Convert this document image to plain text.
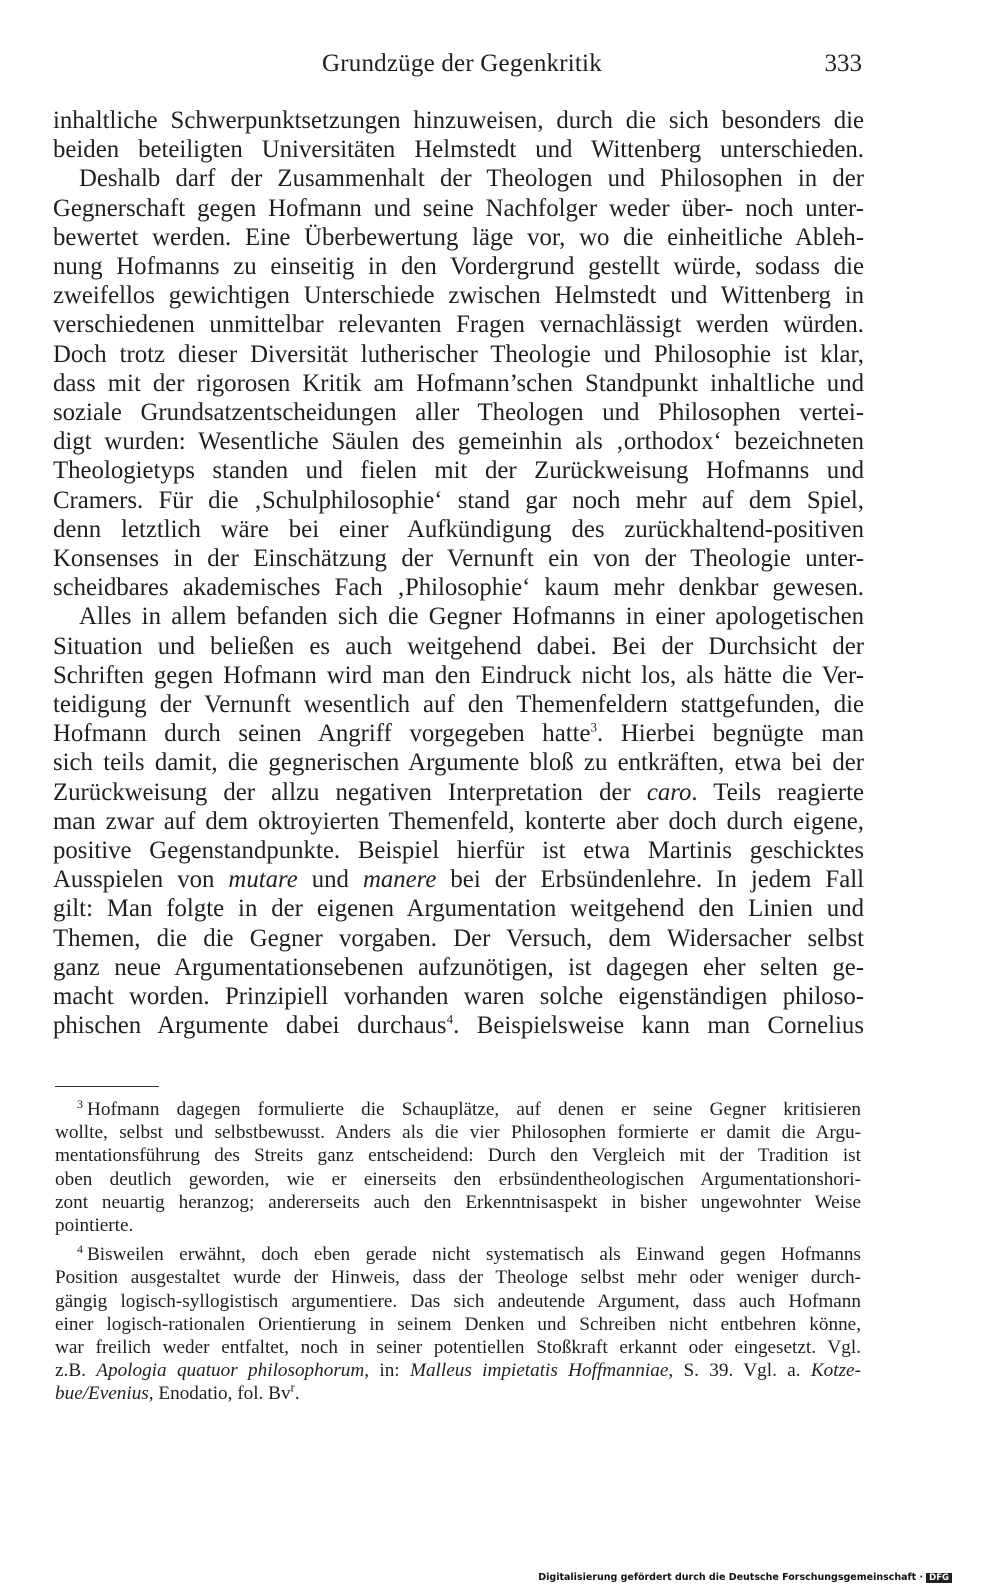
Grundzüge der Gegenkritik	333

inhaltliche Schwerpunktsetzungen hinzuweisen, durch die sich besonders die
beiden beteiligten Universitäten Helmstedt und Wittenberg unterschieden.

Deshalb darf der Zusammenhalt der Theologen und Philosophen in der
Gegnerschaft gegen Hofmann und seine Nachfolger weder über- noch unter-
bewertet werden. Eine Überbewertung läge vor, wo die einheitliche Ableh-
nung Hofmanns zu einseitig in den Vordergrund gestellt würde, sodass die
zweifellos gewichtigen Unterschiede zwischen Helmstedt und Wittenberg in
verschiedenen unmittelbar relevanten Fragen vernachlässigt werden würden.
Doch trotz dieser Diversität lutherischer Theologie und Philosophie ist klar,
dass mit der rigorosen Kritik am Hofmann’schen Standpunkt inhaltliche und
soziale Grundsatzentscheidungen aller Theologen und Philosophen vertei-
digt wurden: Wesentliche Säulen des gemeinhin als ‚orthodox‘ bezeichneten
Theologietyps standen und fielen mit der Zurückweisung Hofmanns und
Cramers. Für die ‚Schulphilosophie‘ stand gar noch mehr auf dem Spiel,
denn letztlich wäre bei einer Aufkündigung des zurückhaltend-positiven
Konsenses in der Einschätzung der Vernunft ein von der Theologie unter-
scheidbares akademisches Fach ‚Philosophie‘ kaum mehr denkbar gewesen.

Alles in allem befanden sich die Gegner Hofmanns in einer apologetischen
Situation und beließen es auch weitgehend dabei. Bei der Durchsicht der
Schriften gegen Hofmann wird man den Eindruck nicht los, als hätte die Ver-
teidigung der Vernunft wesentlich auf den Themenfeldern stattgefunden, die
Hofmann durch seinen Angriff vorgegeben hatte$^3$. Hierbei begnügte man
sich teils damit, die gegnerischen Argumente bloß zu entkräften, etwa bei der
Zurückweisung der allzu negativen Interpretation der caro. Teils reagierte
man zwar auf dem oktroyierten Themenfeld, konterte aber doch durch eigene,
positive Gegenstandpunkte. Beispiel hierfür ist etwa Martinis geschicktes
Ausspielen von mutare und manere bei der Erbsündenlehre. In jedem Fall
gilt: Man folgte in der eigenen Argumentation weitgehend den Linien und
Themen, die die Gegner vorgaben. Der Versuch, dem Widersacher selbst
ganz neue Argumentationsebenen aufzunötigen, ist dagegen eher selten ge-
macht worden. Prinzipiell vorhanden waren solche eigenständigen philoso-
phischen Argumente dabei durchaus$^4$. Beispielsweise kann man Cornelius

$^3$ Hofmann dagegen formulierte die Schauplätze, auf denen er seine Gegner kritisieren
wollte, selbst und selbstbewusst. Anders als die vier Philosophen formierte er damit die Argu-
mentationsführung des Streits ganz entscheidend: Durch den Vergleich mit der Tradition ist
oben deutlich geworden, wie er einerseits den erbsündentheologischen Argumentationshori-
zont neuartig heranzog; andererseits auch den Erkenntnisaspekt in bisher ungewohnter Weise
pointierte.
$^4$ Bisweilen erwähnt, doch eben gerade nicht systematisch als Einwand gegen Hofmanns
Position ausgestaltet wurde der Hinweis, dass der Theologe selbst mehr oder weniger durch-
gängig logisch-syllogistisch argumentiere. Das sich andeutende Argument, dass auch Hofmann
einer logisch-rationalen Orientierung in seinem Denken und Schreiben nicht entbehren könne,
war freilich weder entfaltet, noch in seiner potentiellen Stoßkraft erkannt oder eingesetzt. Vgl.
z.B. Apologia quatuor philosophorum, in: Malleus impietatis Hoffmanniae, S. 39. Vgl. a. Kotze-
bue/Evenius, Enodatio, fol. Bv$^r$.
Digitalisierung gefördert durch die Deutsche Forschungsgemeinschaft · DFG
